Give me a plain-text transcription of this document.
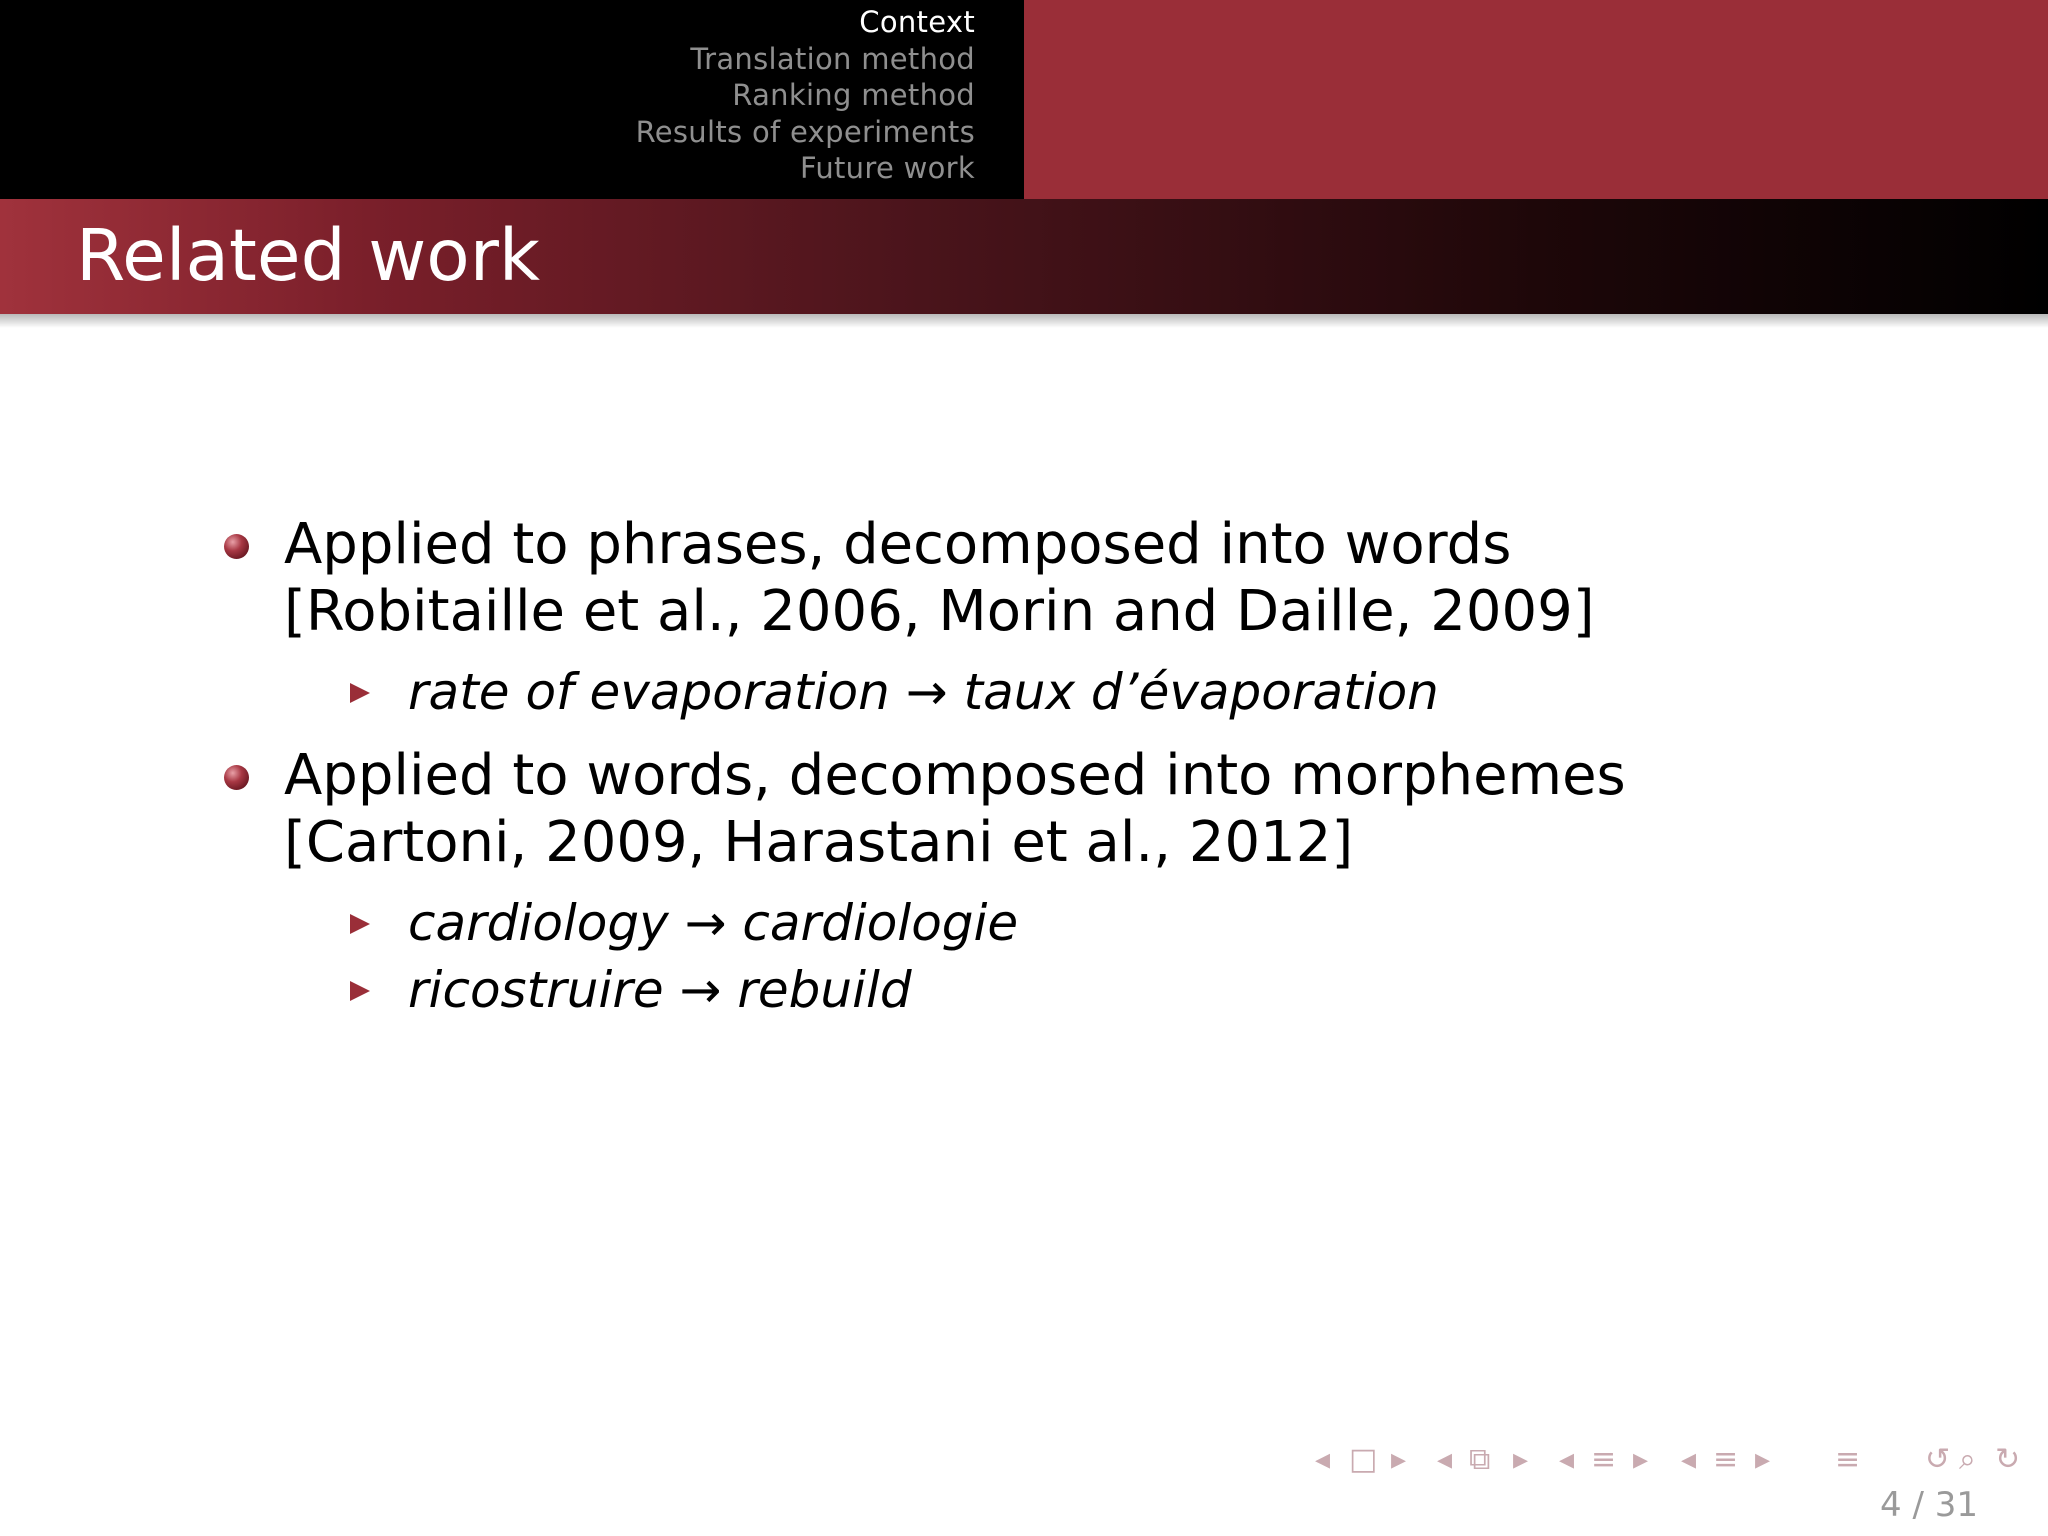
Context
Translation method
Ranking method
Results of experiments
Future work
Related work
Applied to phrases, decomposed into words
[Robitaille et al., 2006, Morin and Daille, 2009]
rate of evaporation → taux d’évaporation
Applied to words, decomposed into morphemes
[Cartoni, 2009, Harastani et al., 2012]
cardiology → cardiologie
ricostruire → rebuild
◂ □ ▸ ◂ ⧉ ▸ ◂ ≡ ▸ ◂ ≡ ▸ ≡ ↺ ⌕ ↻
4 / 31
